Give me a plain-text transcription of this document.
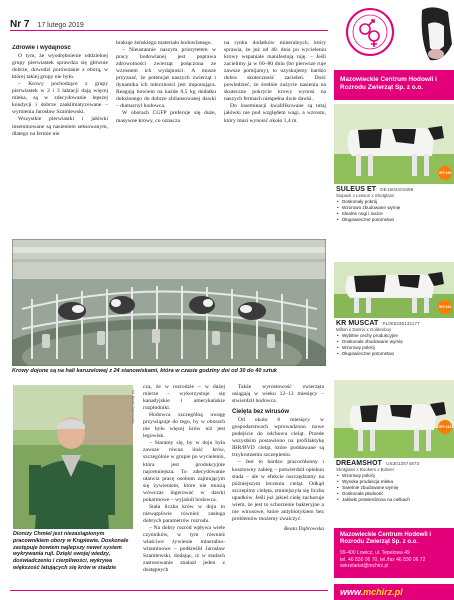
Nr 7 17 lutego 2019
Zdrowie i wydajność

O tym, że wyodrębnienie oddzielnej grupy pierwiastek sprawdza się głównie dobrze, dowodzi porównanie z oborą, w której takiej grupy nie było.

– Krowy pochodzące z grupy pierwiastek w 2 i 3 laktacji dają więcej mleka, są w zdecydowanie lepszej kondycji i dobrze zaaklimatyzowane – wymienia Jarosław Szamlewski.

Wszystkie pierwiastki i jałówki inseminowane są nasieniem seksowanym, dlatego na fermie nie

brakuje żeńskiego materiału hodowlanego.

– Nieustannie naszym priorytetem w pracy hodowlanej jest poprawa zdrowotności zwierząt połączona ze wzrostem ich wydajności. A musze przyznać, że potencjał naszych zwierząt i dynamika ich mleczności jest imponująca. Reagują bowiem na każde 0,5 kg dodatku dołożonego do dobrze zbilansowanej dawki – dumacnył hodowca.

W oborach CGFP preferuje się duże, masywne krowy, co oznacza

na rynku dodatków mineralnych, który sprawia, że już od 40. dnia po wycieleniu krowy wspaniale manifestują ruję. – Jeśli zacielimy ja w 60–80 dniu (bo pierwsze ruje zawsze pomijamy), to uzyskujemy bardzo dobra skuteczność zacieleń. Dość powiedzieć, że średnie zużycie nasienia na skuteczne pokrycie krowy wynosi na naszych fermach niespełna dwie dawki.

Do inseminacji kwalifikowane są tutaj jałówki nie pod względem wagi, a wzrostu, który musi wynosić około 1,4 m.

Krowy dojone są na hali karuzelowej z 24 stanowiskami, która w czasie godziny doi od 30 do 40 sztuk
fot. Beata Dąbrowska
Dionizy Chmiel jest niezastąpionym pracownikiem obory w Krąpiewie. Doskonale zastępuje bowiem najlepszy newet system wykrywania ruji. Dzięki swojej wiedzy, doświadczeniu i cierpliwości, wykrywa większość latujących się krów w stadzie

cza, że w rozrodzie – w dużej mierze – wykorzystuje się kanadyjskie i amerykańskie rozpłodniki.

Hodowca szczególną uwagę przywiązuje do tego, by w oborach nie było więcej krów niż jest legowisk.

– Staramy się, by w doju była zawsze równa ilość krów, szczególnie w grupie po wycieleniu, która jest produkcyjnie najcenniejsza. To zdecydowanie ułatwia pracę osobom zajmującym się żywieniem, które nie muszą wówczas ingerować w dawki pokarmowe – wyjaśnił hodowca.

Stała liczba krów w doju to niewątpliwie również zasługa dobrych parametrów rozrodu.

– Na dobry rozród wpływa wiele czynników, w tym również właściwe żywienie mineralno-witaminowe – podkreślił Jarosław Szamlewski, dodając, iż w stadach zastosowanie znalazł jeden z dostępnych

Także wyrostowość zwierzęta osiągają w wieku 12–13 miesięcy – stwierdził hodowca.

Cielęta bez wirusów

Od około 6 miesięcy w gospodarstwach wprowadzono nowe podejście do odchowu cieląt. Przede wszystkim postawiono na profilaktykę IBR/BVD cieląt, które poddawane są trzykrotnemu szczepieniu.

– Jest to bardzo pracochłonny i kosztowny zabieg – potwierdził opiekun stada – ale w efekcie oszczędzamy na późniejszym leczeniu cieląt. Odkąd szczepimy cielęta, zmniejszyła się liczba upadków. Jeśli już jakieś cielę zachoruje wiem, że jest to schorzenie bakteryjne a nie wirusowe, które antybiotykiem bez problemów możemy zwalczyć.

Beata Dąbrowska

Mazowieckie Centrum Hodowli i Rozrodu Zwierząt Sp. z o.o.
GPI 148
SULEUS ET DE1504401599
Sixpack x Lesson x Shotglass
• Doskonały pokrój
• Wzorowo zbudowane wymię
• Idealne nogi i racice
• Długowieczne potomstwo
GPI 143
KR MUSCAT PL005335131177
Milton x Danno x Goldenboy
• Wybitne cechy produkcyjne
• Doskonale zbudowane wymię
• Wzorowy pokrój
• Długowieczne potomstwo
GPI 143
DREAMSHOT US3012574873
Shotglass x Bookem x Boliver
• Wzorowy pokrój
• Wysoka produkcja mleka
• Świetnie zbudowane wymię
• Doskonała płodność
• Jałówki potwierdzona na cielkach
Mazowieckie Centrum Hodowli i Rozrodu Zwierząt Sp. z o.o.
99-400 Łowicz, ul. Tepelowa 49
tel. 46 830 06 70, tel./fax 46 830 06 72
sekretariat@mchirz.pl
www.mchirz.pl
